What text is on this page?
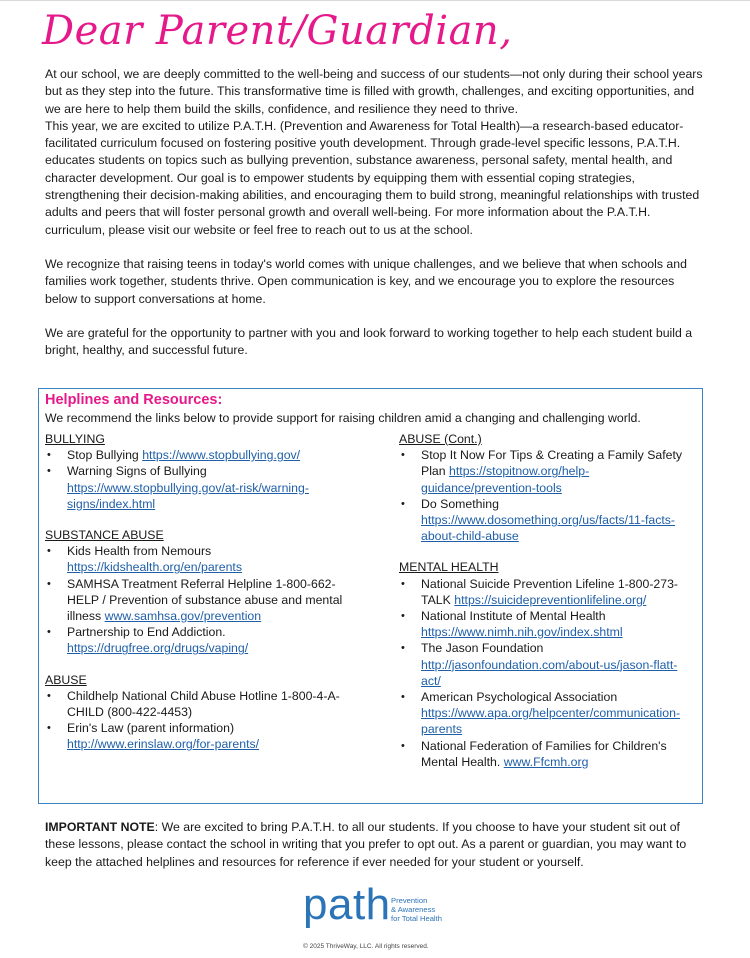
Dear Parent/Guardian,

At our school, we are deeply committed to the well-being and success of our students—not only during their school years but as they step into the future. This transformative time is filled with growth, challenges, and exciting opportunities, and we are here to help them build the skills, confidence, and resilience they need to thrive.

This year, we are excited to utilize P.A.T.H. (Prevention and Awareness for Total Health)—a research-based educator-facilitated curriculum focused on fostering positive youth development. Through grade-level specific lessons, P.A.T.H. educates students on topics such as bullying prevention, substance awareness, personal safety, mental health, and character development. Our goal is to empower students by equipping them with essential coping strategies, strengthening their decision-making abilities, and encouraging them to build strong, meaningful relationships with trusted adults and peers that will foster personal growth and overall well-being. For more information about the P.A.T.H. curriculum, please visit our website or feel free to reach out to us at the school.

We recognize that raising teens in today's world comes with unique challenges, and we believe that when schools and families work together, students thrive. Open communication is key, and we encourage you to explore the resources below to support conversations at home.

We are grateful for the opportunity to partner with you and look forward to working together to help each student build a bright, healthy, and successful future.

Helplines and Resources:
We recommend the links below to provide support for raising children amid a changing and challenging world.
BULLYING
• Stop Bullying https://www.stopbullying.gov/
• Warning Signs of Bullying https://www.stopbullying.gov/at-risk/warning-signs/index.html
SUBSTANCE ABUSE
• Kids Health from Nemours https://kidshealth.org/en/parents
• SAMHSA Treatment Referral Helpline 1-800-662-HELP / Prevention of substance abuse and mental illness www.samhsa.gov/prevention
• Partnership to End Addiction. https://drugfree.org/drugs/vaping/
ABUSE
• Childhelp National Child Abuse Hotline 1-800-4-A-CHILD (800-422-4453)
• Erin's Law (parent information) http://www.erinslaw.org/for-parents/
ABUSE (Cont.)
• Stop It Now For Tips & Creating a Family Safety Plan https://stopitnow.org/help-guidance/prevention-tools
• Do Something https://www.dosomething.org/us/facts/11-facts-about-child-abuse
MENTAL HEALTH
• National Suicide Prevention Lifeline 1-800-273-TALK https://suicidepreventionlifeline.org/
• National Institute of Mental Health https://www.nimh.nih.gov/index.shtml
• The Jason Foundation http://jasonfoundation.com/about-us/jason-flatt-act/
• American Psychological Association https://www.apa.org/helpcenter/communication-parents
• National Federation of Families for Children's Mental Health. www.Ffcmh.org
IMPORTANT NOTE: We are excited to bring P.A.T.H. to all our students. If you choose to have your student sit out of these lessons, please contact the school in writing that you prefer to opt out. As a parent or guardian, you may want to keep the attached helplines and resources for reference if ever needed for your student or yourself.
path Prevention
& Awareness
for Total Health
© 2025 ThriveWay, LLC. All rights reserved.
